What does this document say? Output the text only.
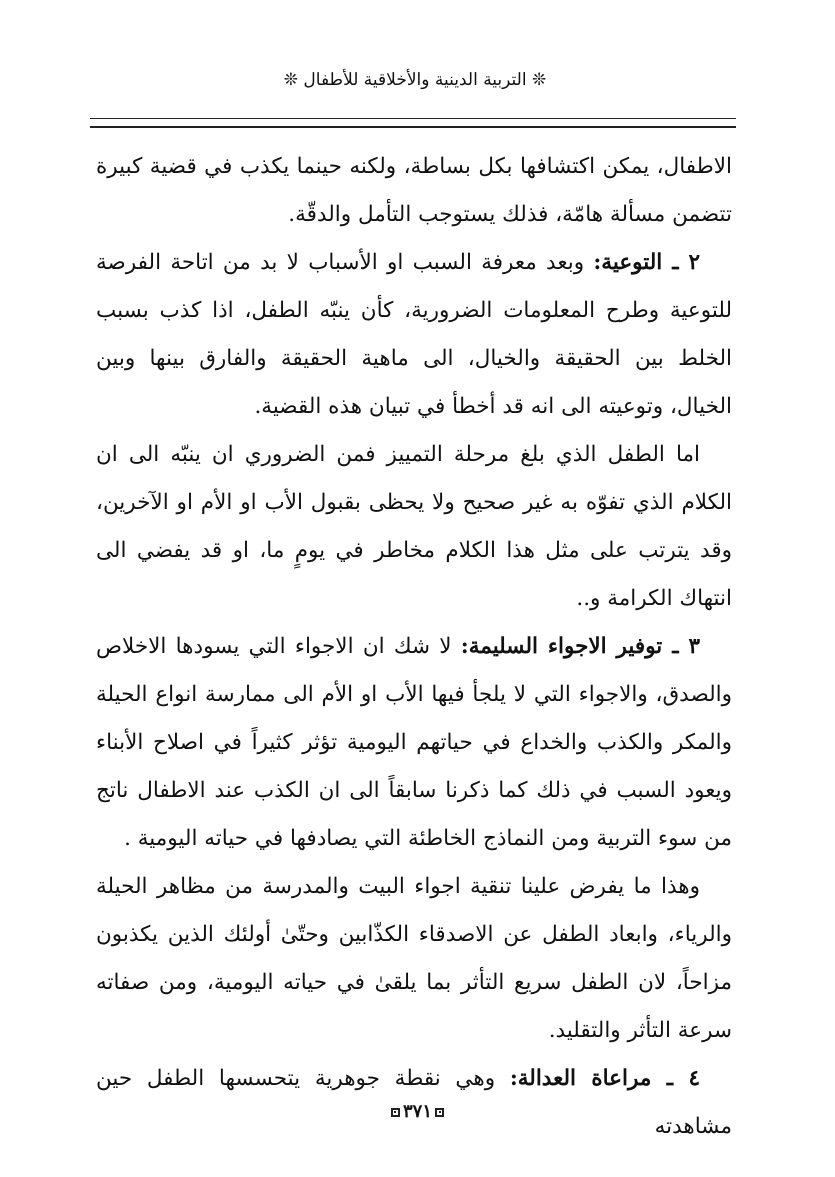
❊ التربية الدينية والأخلاقية للأطفال ❊

الاطفال، يمكن اكتشافها بكل بساطة، ولكنه حينما يكذب في قضية كبيرة تتضمن مسألة هامّة، فذلك يستوجب التأمل والدقّة.

٢ ـ التوعية: وبعد معرفة السبب او الأسباب لا بد من اتاحة الفرصة للتوعية وطرح المعلومات الضرورية، كأن ينبّه الطفل، اذا كذب بسبب الخلط بين الحقيقة والخيال، الى ماهية الحقيقة والفارق بينها وبين الخيال، وتوعيته الى انه قد أخطأ في تبيان هذه القضية.

اما الطفل الذي بلغ مرحلة التمييز فمن الضروري ان ينبّه الى ان الكلام الذي تفوّه به غير صحيح ولا يحظى بقبول الأب او الأم او الآخرين، وقد يترتب على مثل هذا الكلام مخاطر في يومٍ ما، او قد يفضي الى انتهاك الكرامة و..

٣ ـ توفير الاجواء السليمة: لا شك ان الاجواء التي يسودها الاخلاص والصدق، والاجواء التي لا يلجأ فيها الأب او الأم الى ممارسة انواع الحيلة والمكر والكذب والخداع في حياتهم اليومية تؤثر كثيراً في اصلاح الأبناء ويعود السبب في ذلك كما ذكرنا سابقاً الى ان الكذب عند الاطفال ناتج من سوء التربية ومن النماذج الخاطئة التي يصادفها في حياته اليومية .

وهذا ما يفرض علينا تنقية اجواء البيت والمدرسة من مظاهر الحيلة والرياء، وابعاد الطفل عن الاصدقاء الكذّابين وحتّىٰ أولئك الذين يكذبون مزاحاً، لان الطفل سريع التأثر بما يلقىٰ في حياته اليومية، ومن صفاته سرعة التأثر والتقليد.

٤ ـ مراعاة العدالة: وهي نقطة جوهرية يتحسسها الطفل حين مشاهدته

٣٧١
